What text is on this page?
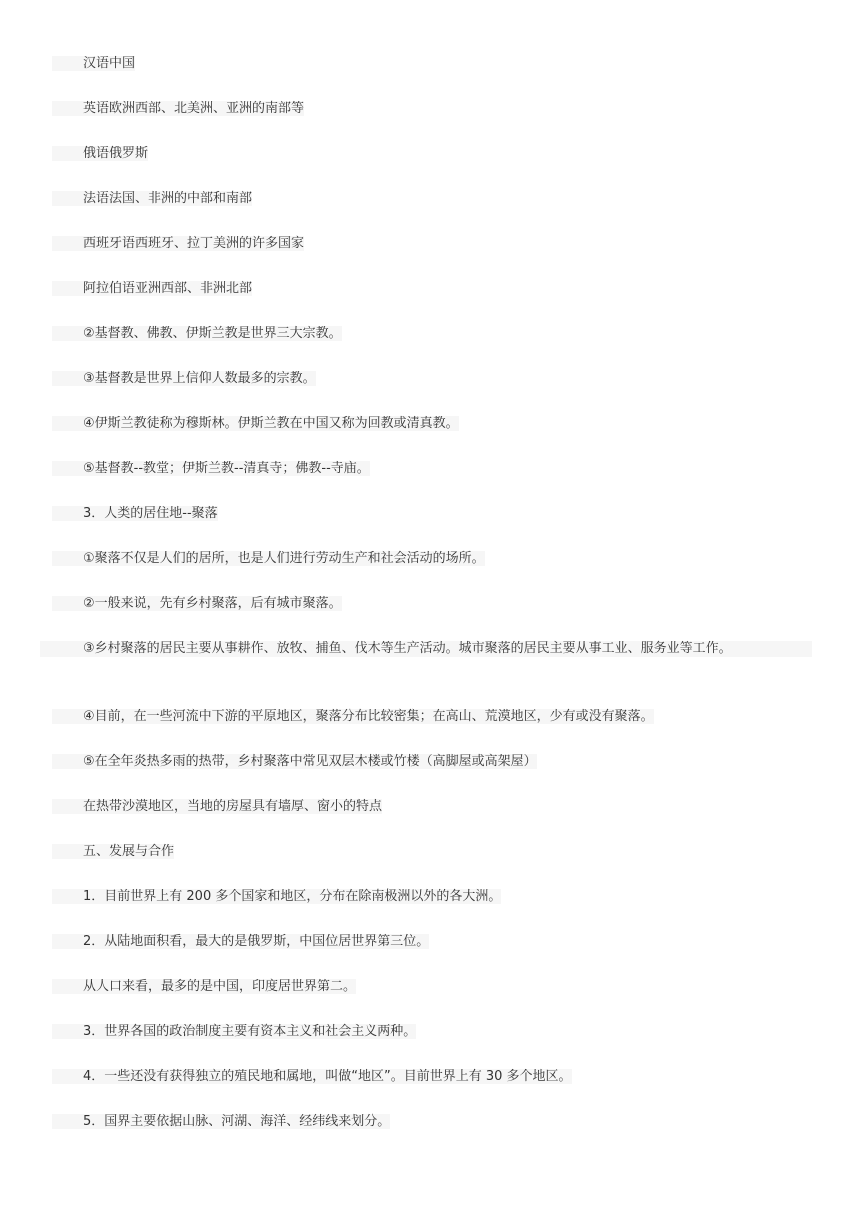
汉语中国
英语欧洲西部、北美洲、亚洲的南部等
俄语俄罗斯
法语法国、非洲的中部和南部
西班牙语西班牙、拉丁美洲的许多国家
阿拉伯语亚洲西部、非洲北部
②基督教、佛教、伊斯兰教是世界三大宗教。
③基督教是世界上信仰人数最多的宗教。
④伊斯兰教徒称为穆斯林。伊斯兰教在中国又称为回教或清真教。
⑤基督教--教堂；伊斯兰教--清真寺；佛教--寺庙。
3．人类的居住地--聚落
①聚落不仅是人们的居所，也是人们进行劳动生产和社会活动的场所。
②一般来说，先有乡村聚落，后有城市聚落。
③乡村聚落的居民主要从事耕作、放牧、捕鱼、伐木等生产活动。城市聚落的居民主要从事工业、服务业等工作。
④目前，在一些河流中下游的平原地区，聚落分布比较密集；在高山、荒漠地区，少有或没有聚落。
⑤在全年炎热多雨的热带，乡村聚落中常见双层木楼或竹楼（高脚屋或高架屋）
在热带沙漠地区，当地的房屋具有墙厚、窗小的特点
五、发展与合作
1．目前世界上有 200 多个国家和地区，分布在除南极洲以外的各大洲。
2．从陆地面积看，最大的是俄罗斯，中国位居世界第三位。
从人口来看，最多的是中国，印度居世界第二。
3．世界各国的政治制度主要有资本主义和社会主义两种。
4．一些还没有获得独立的殖民地和属地，叫做“地区”。目前世界上有 30 多个地区。
5．国界主要依据山脉、河湖、海洋、经纬线来划分。
